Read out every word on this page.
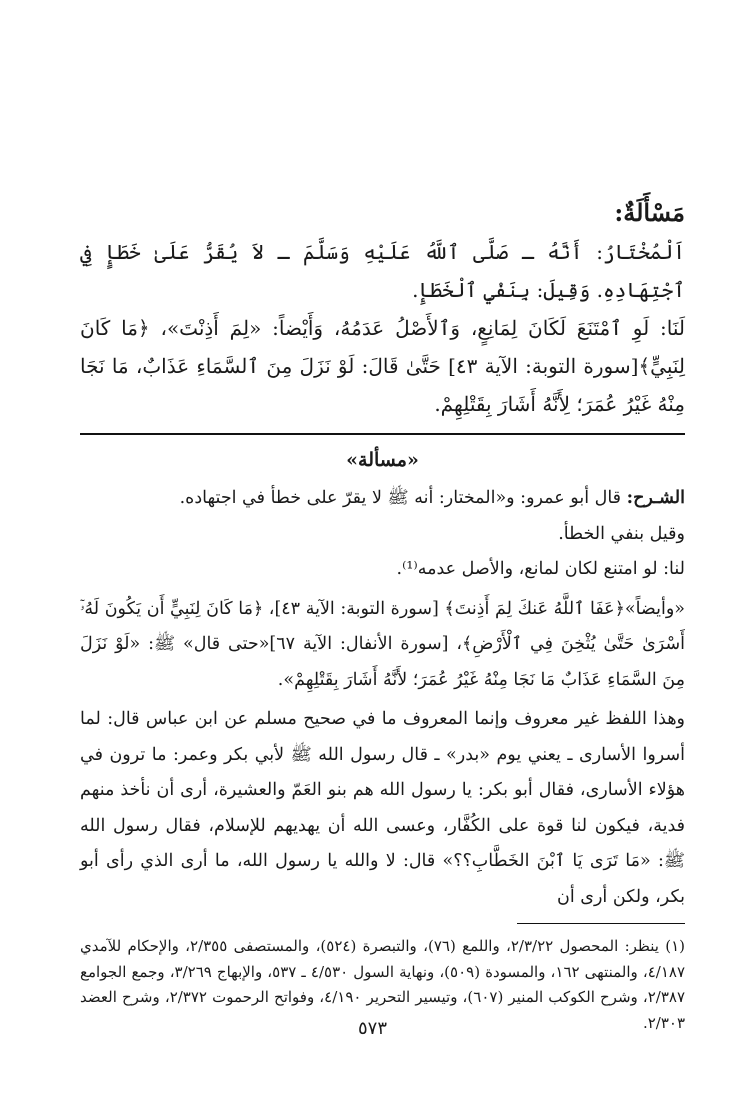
مَسْأَلَةٌ:

اَلْمُخْتَارُ: أَنَّهُ ـ صَلَّى ٱللَّهُ عَلَيْهِ وَسَلَّمَ ـ لاَ يُقَرُّ عَلَىٰ خَطَإٍ فِي ٱجْتِهَادِهِ. وَقِيلَ: بِنَفْيِ ٱلْخَطَإِ.

لَنَا: لَوِ ٱمْتَنَعَ لَكَانَ لِمَانِعٍ، وَٱلأَصْلُ عَدَمُهُ، وَأَيْضاً: «لِمَ أَذِنْتَ»، ﴿مَا كَانَ لِنَبِيٍّ﴾[سورة التوبة: الآية ٤٣] حَتَّىٰ قَالَ: لَوْ نَزَلَ مِنَ ٱلسَّمَاءِ عَذَابٌ، مَا نَجَا مِنْهُ غَيْرُ عُمَرَ؛ لِأَنَّهُ أَشَارَ بِقَتْلِهِمْ.

«مسألة»

الشـرح: قال أبو عمرو: و«المختار: أنه ﷺ لا يقرّ على خطأ في اجتهاده.

وقيل بنفي الخطأ.

لنا: لو امتنع لكان لمانع، والأصل عدمه⁽¹⁾.

«وأيضاً»﴿عَفَا ٱللَّهُ عَنكَ لِمَ أَذِنتَ﴾ [سورة التوبة: الآية ٤٣]، ﴿مَا كَانَ لِنَبِيٍّ أَن يَكُونَ لَهُۥٓ أَسْرَىٰ حَتَّىٰ يُثْخِنَ فِي ٱلْأَرْضِ﴾، [سورة الأنفال: الآية ٦٧]«حتى قال» ﷺ: «لَوْ نَزَلَ مِنَ السَّمَاءِ عَذَابٌ مَا نَجَا مِنْهُ غَيْرُ عُمَرَ؛ لأَنَّهُ أَشَارَ بِقَتْلِهِمْ».

وهذا اللفظ غير معروف وإنما المعروف ما في صحيح مسلم عن ابن عباس قال: لما أسروا الأسارى ـ يعني يوم «بدر» ـ قال رسول الله ﷺ لأبي بكر وعمر: ما ترون في هؤلاء الأسارى، فقال أبو بكر: يا رسول الله هم بنو العَمّ والعشيرة، أرى أن نأخذ منهم فدية، فيكون لنا قوة على الكُفَّار، وعسى الله أن يهديهم للإسلام، فقال رسول الله ﷺ: «مَا تَرَى يَا ٱبْنَ الخَطَّابِ؟؟» قال: لا والله يا رسول الله، ما أرى الذي رأى أبو بكر، ولكن أرى أن

(١) ينظر: المحصول ٢/٣/٢٢، واللمع (٧٦)، والتبصرة (٥٢٤)، والمستصفى ٢/٣٥٥، والإحكام للآمدي ٤/١٨٧، والمنتهى ١٦٢، والمسودة (٥٠٩)، ونهاية السول ٤/٥٣٠ ـ ٥٣٧، والإبهاج ٣/٢٦٩، وجمع الجوامع ٢/٣٨٧، وشرح الكوكب المنير (٦٠٧)، وتيسير التحرير ٤/١٩٠، وفواتح الرحموت ٢/٣٧٢، وشرح العضد ٢/٣٠٣.

٥٧٣
